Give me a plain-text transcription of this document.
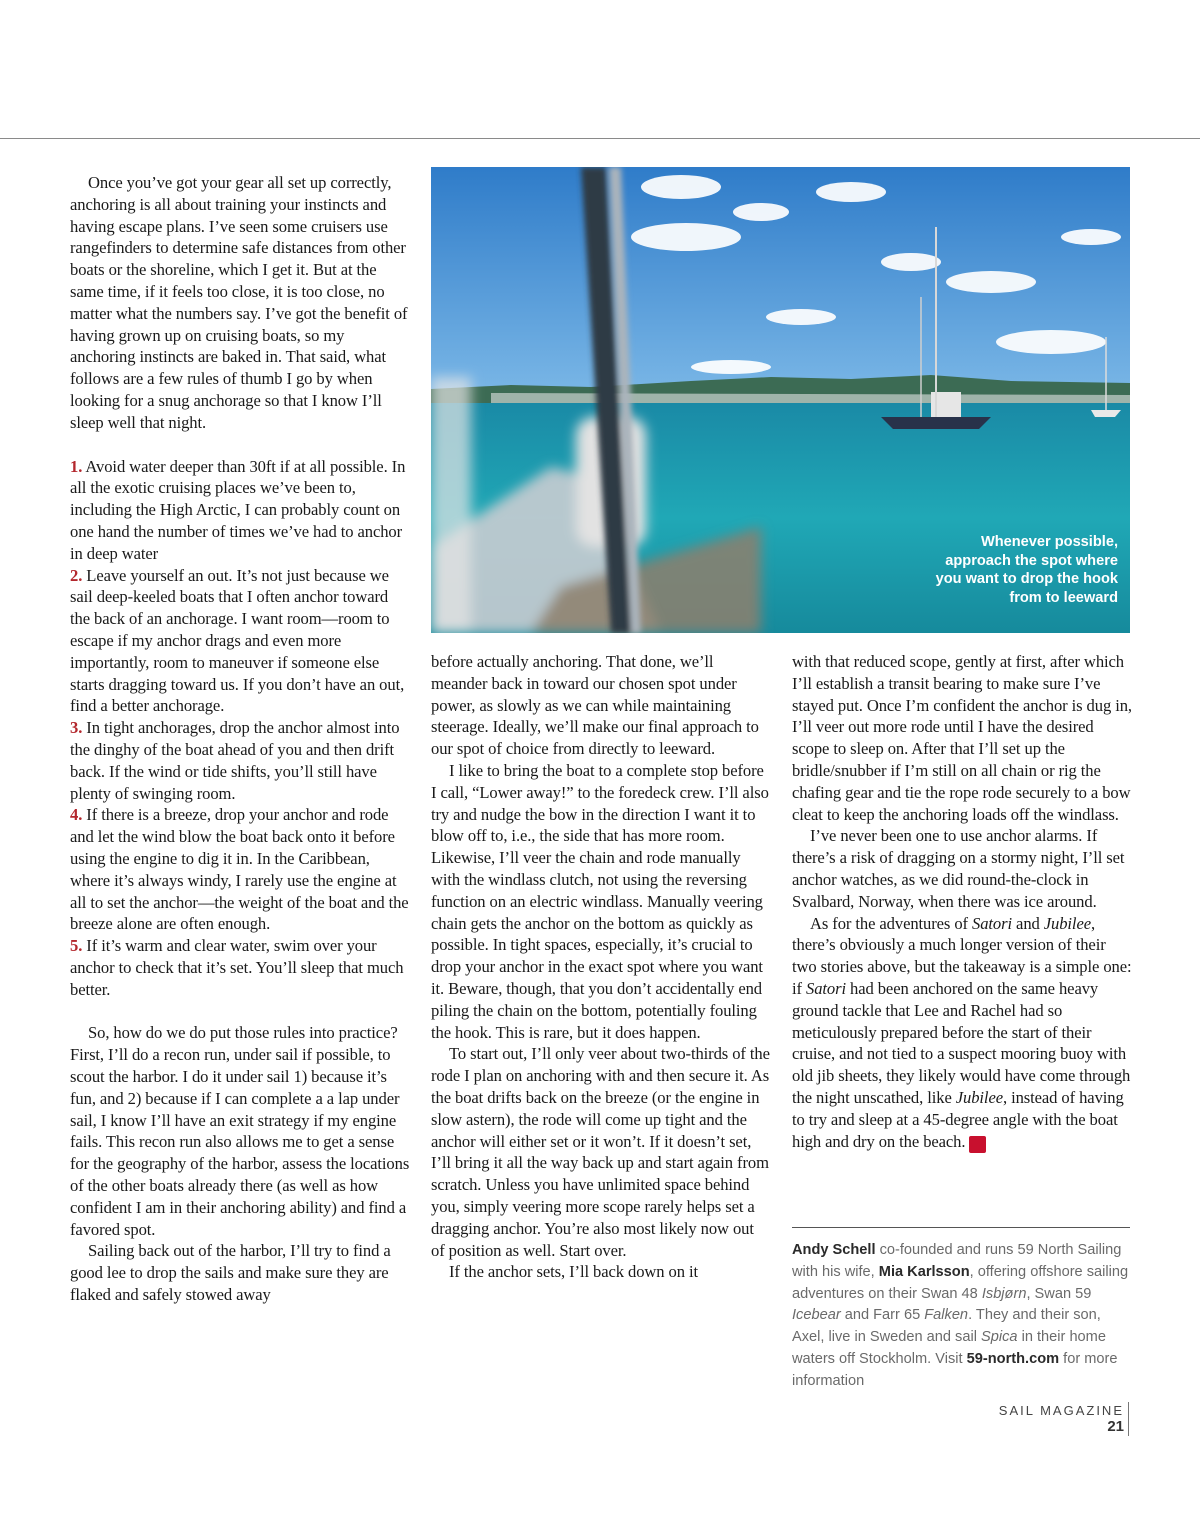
Once you’ve got your gear all set up correctly, anchoring is all about training your instincts and having escape plans. I’ve seen some cruisers use rangefinders to determine safe distances from other boats or the shoreline, which I get it. But at the same time, if it feels too close, it is too close, no matter what the numbers say. I’ve got the benefit of having grown up on cruising boats, so my anchoring instincts are baked in. That said, what follows are a few rules of thumb I go by when looking for a snug anchorage so that I know I’ll sleep well that night.

1. Avoid water deeper than 30ft if at all possible. In all the exotic cruising places we’ve been to, including the High Arctic, I can probably count on one hand the number of times we’ve had to anchor in deep water

2. Leave yourself an out. It’s not just because we sail deep-keeled boats that I often anchor toward the back of an anchorage. I want room—room to escape if my anchor drags and even more importantly, room to maneuver if someone else starts dragging toward us. If you don’t have an out, find a better anchorage.

3. In tight anchorages, drop the anchor almost into the dinghy of the boat ahead of you and then drift back. If the wind or tide shifts, you’ll still have plenty of swinging room.

4. If there is a breeze, drop your anchor and rode and let the wind blow the boat back onto it before using the engine to dig it in. In the Caribbean, where it’s always windy, I rarely use the engine at all to set the anchor—the weight of the boat and the breeze alone are often enough.

5. If it’s warm and clear water, swim over your anchor to check that it’s set. You’ll sleep that much better.

So, how do we do put those rules into practice? First, I’ll do a recon run, under sail if possible, to scout the harbor. I do it under sail 1) because it’s fun, and 2) because if I can complete a a lap under sail, I know I’ll have an exit strategy if my engine fails. This recon run also allows me to get a sense for the geography of the harbor, assess the locations of the other boats already there (as well as how confident I am in their anchoring ability) and find a favored spot.

Sailing back out of the harbor, I’ll try to find a good lee to drop the sails and make sure they are flaked and safely stowed away

Whenever possible, approach the spot where you want to drop the hook from to leeward

before actually anchoring. That done, we’ll meander back in toward our chosen spot under power, as slowly as we can while maintaining steerage. Ideally, we’ll make our final approach to our spot of choice from directly to leeward.

I like to bring the boat to a complete stop before I call, “Lower away!” to the foredeck crew. I’ll also try and nudge the bow in the direction I want it to blow off to, i.e., the side that has more room. Likewise, I’ll veer the chain and rode manually with the windlass clutch, not using the reversing function on an electric windlass. Manually veering chain gets the anchor on the bottom as quickly as possible. In tight spaces, especially, it’s crucial to drop your anchor in the exact spot where you want it. Beware, though, that you don’t accidentally end piling the chain on the bottom, potentially fouling the hook. This is rare, but it does happen.

To start out, I’ll only veer about two-thirds of the rode I plan on anchoring with and then secure it. As the boat drifts back on the breeze (or the engine in slow astern), the rode will come up tight and the anchor will either set or it won’t. If it doesn’t set, I’ll bring it all the way back up and start again from scratch. Unless you have unlimited space behind you, simply veering more scope rarely helps set a dragging anchor. You’re also most likely now out of position as well. Start over.

If the anchor sets, I’ll back down on it

with that reduced scope, gently at first, after which I’ll establish a transit bearing to make sure I’ve stayed put. Once I’m confident the anchor is dug in, I’ll veer out more rode until I have the desired scope to sleep on. After that I’ll set up the bridle/snubber if I’m still on all chain or rig the chafing gear and tie the rope rode securely to a bow cleat to keep the anchoring loads off the windlass.

I’ve never been one to use anchor alarms. If there’s a risk of dragging on a stormy night, I’ll set anchor watches, as we did round-the-clock in Svalbard, Norway, when there was ice around.

As for the adventures of Satori and Jubilee, there’s obviously a much longer version of their two stories above, but the takeaway is a simple one: if Satori had been anchored on the same heavy ground tackle that Lee and Rachel had so meticulously prepared before the start of their cruise, and not tied to a suspect mooring buoy with old jib sheets, they likely would have come through the night unscathed, like Jubilee, instead of having to try and sleep at a 45-degree angle with the boat high and dry on the beach. S

Andy Schell co-founded and runs 59 North Sailing with his wife, Mia Karlsson, offering offshore sailing adventures on their Swan 48 Isbjørn, Swan 59 Icebear and Farr 65 Falken. They and their son, Axel, live in Sweden and sail Spica in their home waters off Stockholm. Visit 59-north.com for more information

SAIL MAGAZINE
21
